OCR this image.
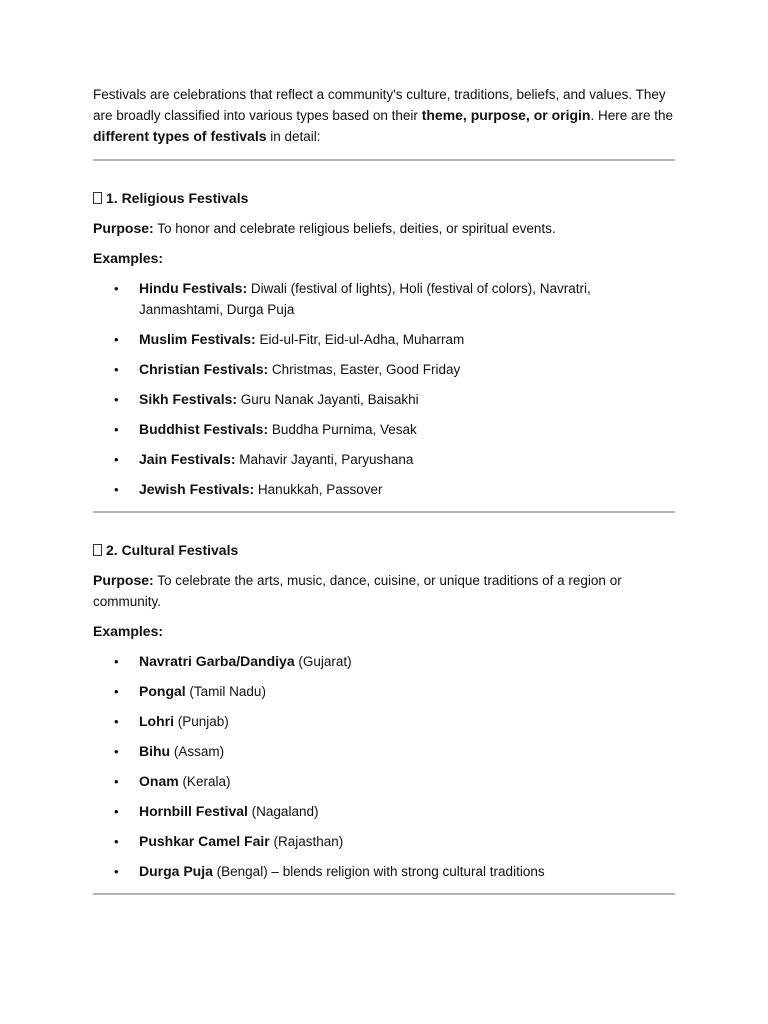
Festivals are celebrations that reflect a community's culture, traditions, beliefs, and values. They are broadly classified into various types based on their theme, purpose, or origin. Here are the different types of festivals in detail:

1. Religious Festivals

Purpose: To honor and celebrate religious beliefs, deities, or spiritual events.

Examples:

• Hindu Festivals: Diwali (festival of lights), Holi (festival of colors), Navratri, Janmashtami, Durga Puja
• Muslim Festivals: Eid-ul-Fitr, Eid-ul-Adha, Muharram
• Christian Festivals: Christmas, Easter, Good Friday
• Sikh Festivals: Guru Nanak Jayanti, Baisakhi
• Buddhist Festivals: Buddha Purnima, Vesak
• Jain Festivals: Mahavir Jayanti, Paryushana
• Jewish Festivals: Hanukkah, Passover
2. Cultural Festivals

Purpose: To celebrate the arts, music, dance, cuisine, or unique traditions of a region or community.

Examples:

• Navratri Garba/Dandiya (Gujarat)
• Pongal (Tamil Nadu)
• Lohri (Punjab)
• Bihu (Assam)
• Onam (Kerala)
• Hornbill Festival (Nagaland)
• Pushkar Camel Fair (Rajasthan)
• Durga Puja (Bengal) – blends religion with strong cultural traditions
